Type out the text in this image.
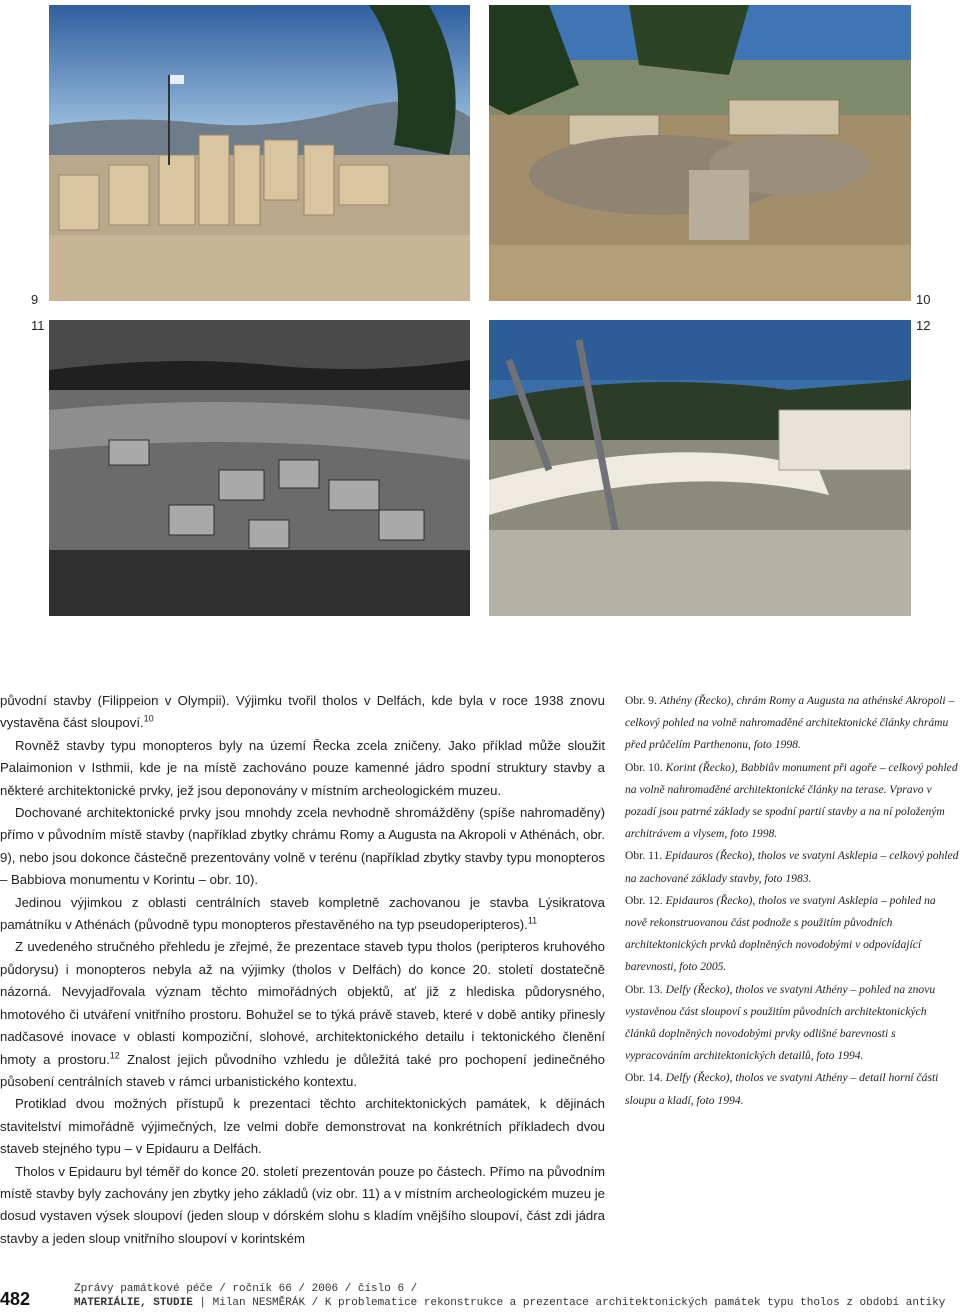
9	10
11	12

původní stavby (Filippeion v Olympii). Výjimku tvořil tholos v Delfách, kde byla v roce 1938 znovu vystavěna část sloupoví.$^{10}$

Rovněž stavby typu monopteros byly na území Řecka zcela zničeny. Jako příklad může sloužit Palaimonion v Isthmii, kde je na místě zachováno pouze kamenné jádro spodní struktury stavby a některé architektonické prvky, jež jsou deponovány v místním archeologickém muzeu.

Dochované architektonické prvky jsou mnohdy zcela nevhodně shromážděny (spíše nahromaděny) přímo v původním místě stavby (například zbytky chrámu Romy a Augusta na Akropoli v Athénách, obr. 9), nebo jsou dokonce částečně prezentovány volně v terénu (například zbytky stavby typu monopteros – Babbiova monumentu v Korintu – obr. 10).

Jedinou výjimkou z oblasti centrálních staveb kompletně zachovanou je stavba Lýsikratova památníku v Athénách (původně typu monopteros přestavěného na typ pseudoperipteros).$^{11}$

Z uvedeného stručného přehledu je zřejmé, že prezentace staveb typu tholos (peripteros kruhového půdorysu) i monopteros nebyla až na výjimky (tholos v Delfách) do konce 20. století dostatečně názorná. Nevyjadřovala význam těchto mimořádných objektů, ať již z hlediska půdorysného, hmotového či utváření vnitřního prostoru. Bohužel se to týká právě staveb, které v době antiky přinesly nadčasové inovace v oblasti kompoziční, slohové, architektonického detailu i tektonického členění hmoty a prostoru.$^{12}$ Znalost jejich původního vzhledu je důležitá také pro pochopení jedinečného působení centrálních staveb v rámci urbanistického kontextu.

Protiklad dvou možných přístupů k prezentaci těchto architektonických památek, k dějinách stavitelství mimořádně výjimečných, lze velmi dobře demonstrovat na konkrétních příkladech dvou staveb stejného typu – v Epidauru a Delfách.

Tholos v Epidauru byl téměř do konce 20. století prezentován pouze po částech. Přímo na původním místě stavby byly zachovány jen zbytky jeho základů (viz obr. 11) a v místním archeologickém muzeu je dosud vystaven výsek sloupoví (jeden sloup v dórském slohu s kladím vnějšího sloupoví, část zdi jádra stavby a jeden sloup vnitřního sloupoví v korintském

Obr. 9. Athény (Řecko), chrám Romy a Augusta na athénské Akropoli – celkový pohled na volně nahromaděné architektonické články chrámu před průčelím Parthenonu, foto 1998.

Obr. 10. Korint (Řecko), Babbiův monument při agoře – celkový pohled na volně nahromaděné architektonické články na terase. Vpravo v pozadí jsou patrné základy se spodní partií stavby a na ní položeným architrávem a vlysem, foto 1998.

Obr. 11. Epidauros (Řecko), tholos ve svatyni Asklepia – celkový pohled na zachované základy stavby, foto 1983.

Obr. 12. Epidauros (Řecko), tholos ve svatyni Asklepia – pohled na nově rekonstruovanou část podnože s použitím původních architektonických prvků doplněných novodobými v odpovídající barevnosti, foto 2005.

Obr. 13. Delfy (Řecko), tholos ve svatyni Athény – pohled na znovu vystavěnou část sloupoví s použitím původních architektonických článků doplněných novodobými prvky odlišné barevnosti s vypracováním architektonických detailů, foto 1994.

Obr. 14. Delfy (Řecko), tholos ve svatyni Athény – detail horní části sloupu a kladí, foto 1994.

482	Zprávy památkové péče / ročník 66 / 2006 / číslo 6 /
MATERIÁLIE, STUDIE | Milan NESMĚRÁK / K problematice rekonstrukce a prezentace architektonických památek typu tholos z období antiky
